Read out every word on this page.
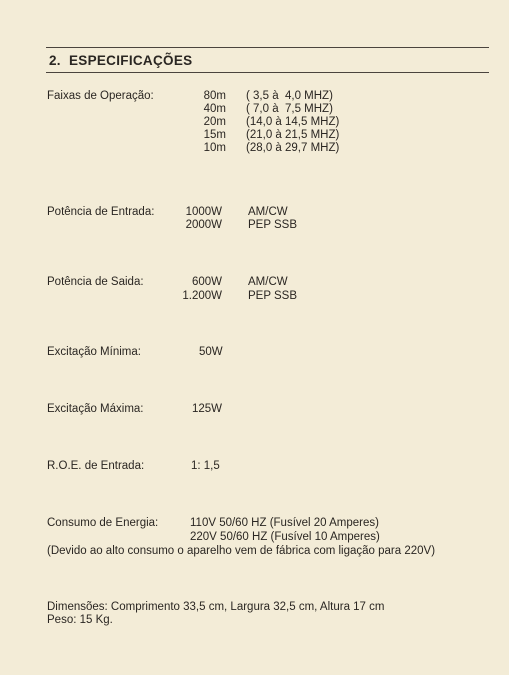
2. ESPECIFICAÇÕES
Faixas de Operação:	80m ( 3,5 à  4,0 MHZ)
40m ( 7,0 à  7,5 MHZ)
20m (14,0 à 14,5 MHZ)
15m (21,0 à 21,5 MHZ)
10m (28,0 à 29,7 MHZ)
Potência de Entrada:	1000W AM/CW
2000W PEP SSB
Potência de Saida:	600W AM/CW
1.200W PEP SSB
Excitação Mínima:	50W
Excitação Máxima:	125W
R.O.E. de Entrada:	1: 1,5
Consumo de Energia:	110V 50/60 HZ (Fusível 20 Amperes)
220V 50/60 HZ (Fusível 10 Amperes)
(Devido ao alto consumo o aparelho vem de fábrica com ligação para 220V)
Dimensões: Comprimento 33,5 cm, Largura 32,5 cm, Altura 17 cm
Peso: 15 Kg.
